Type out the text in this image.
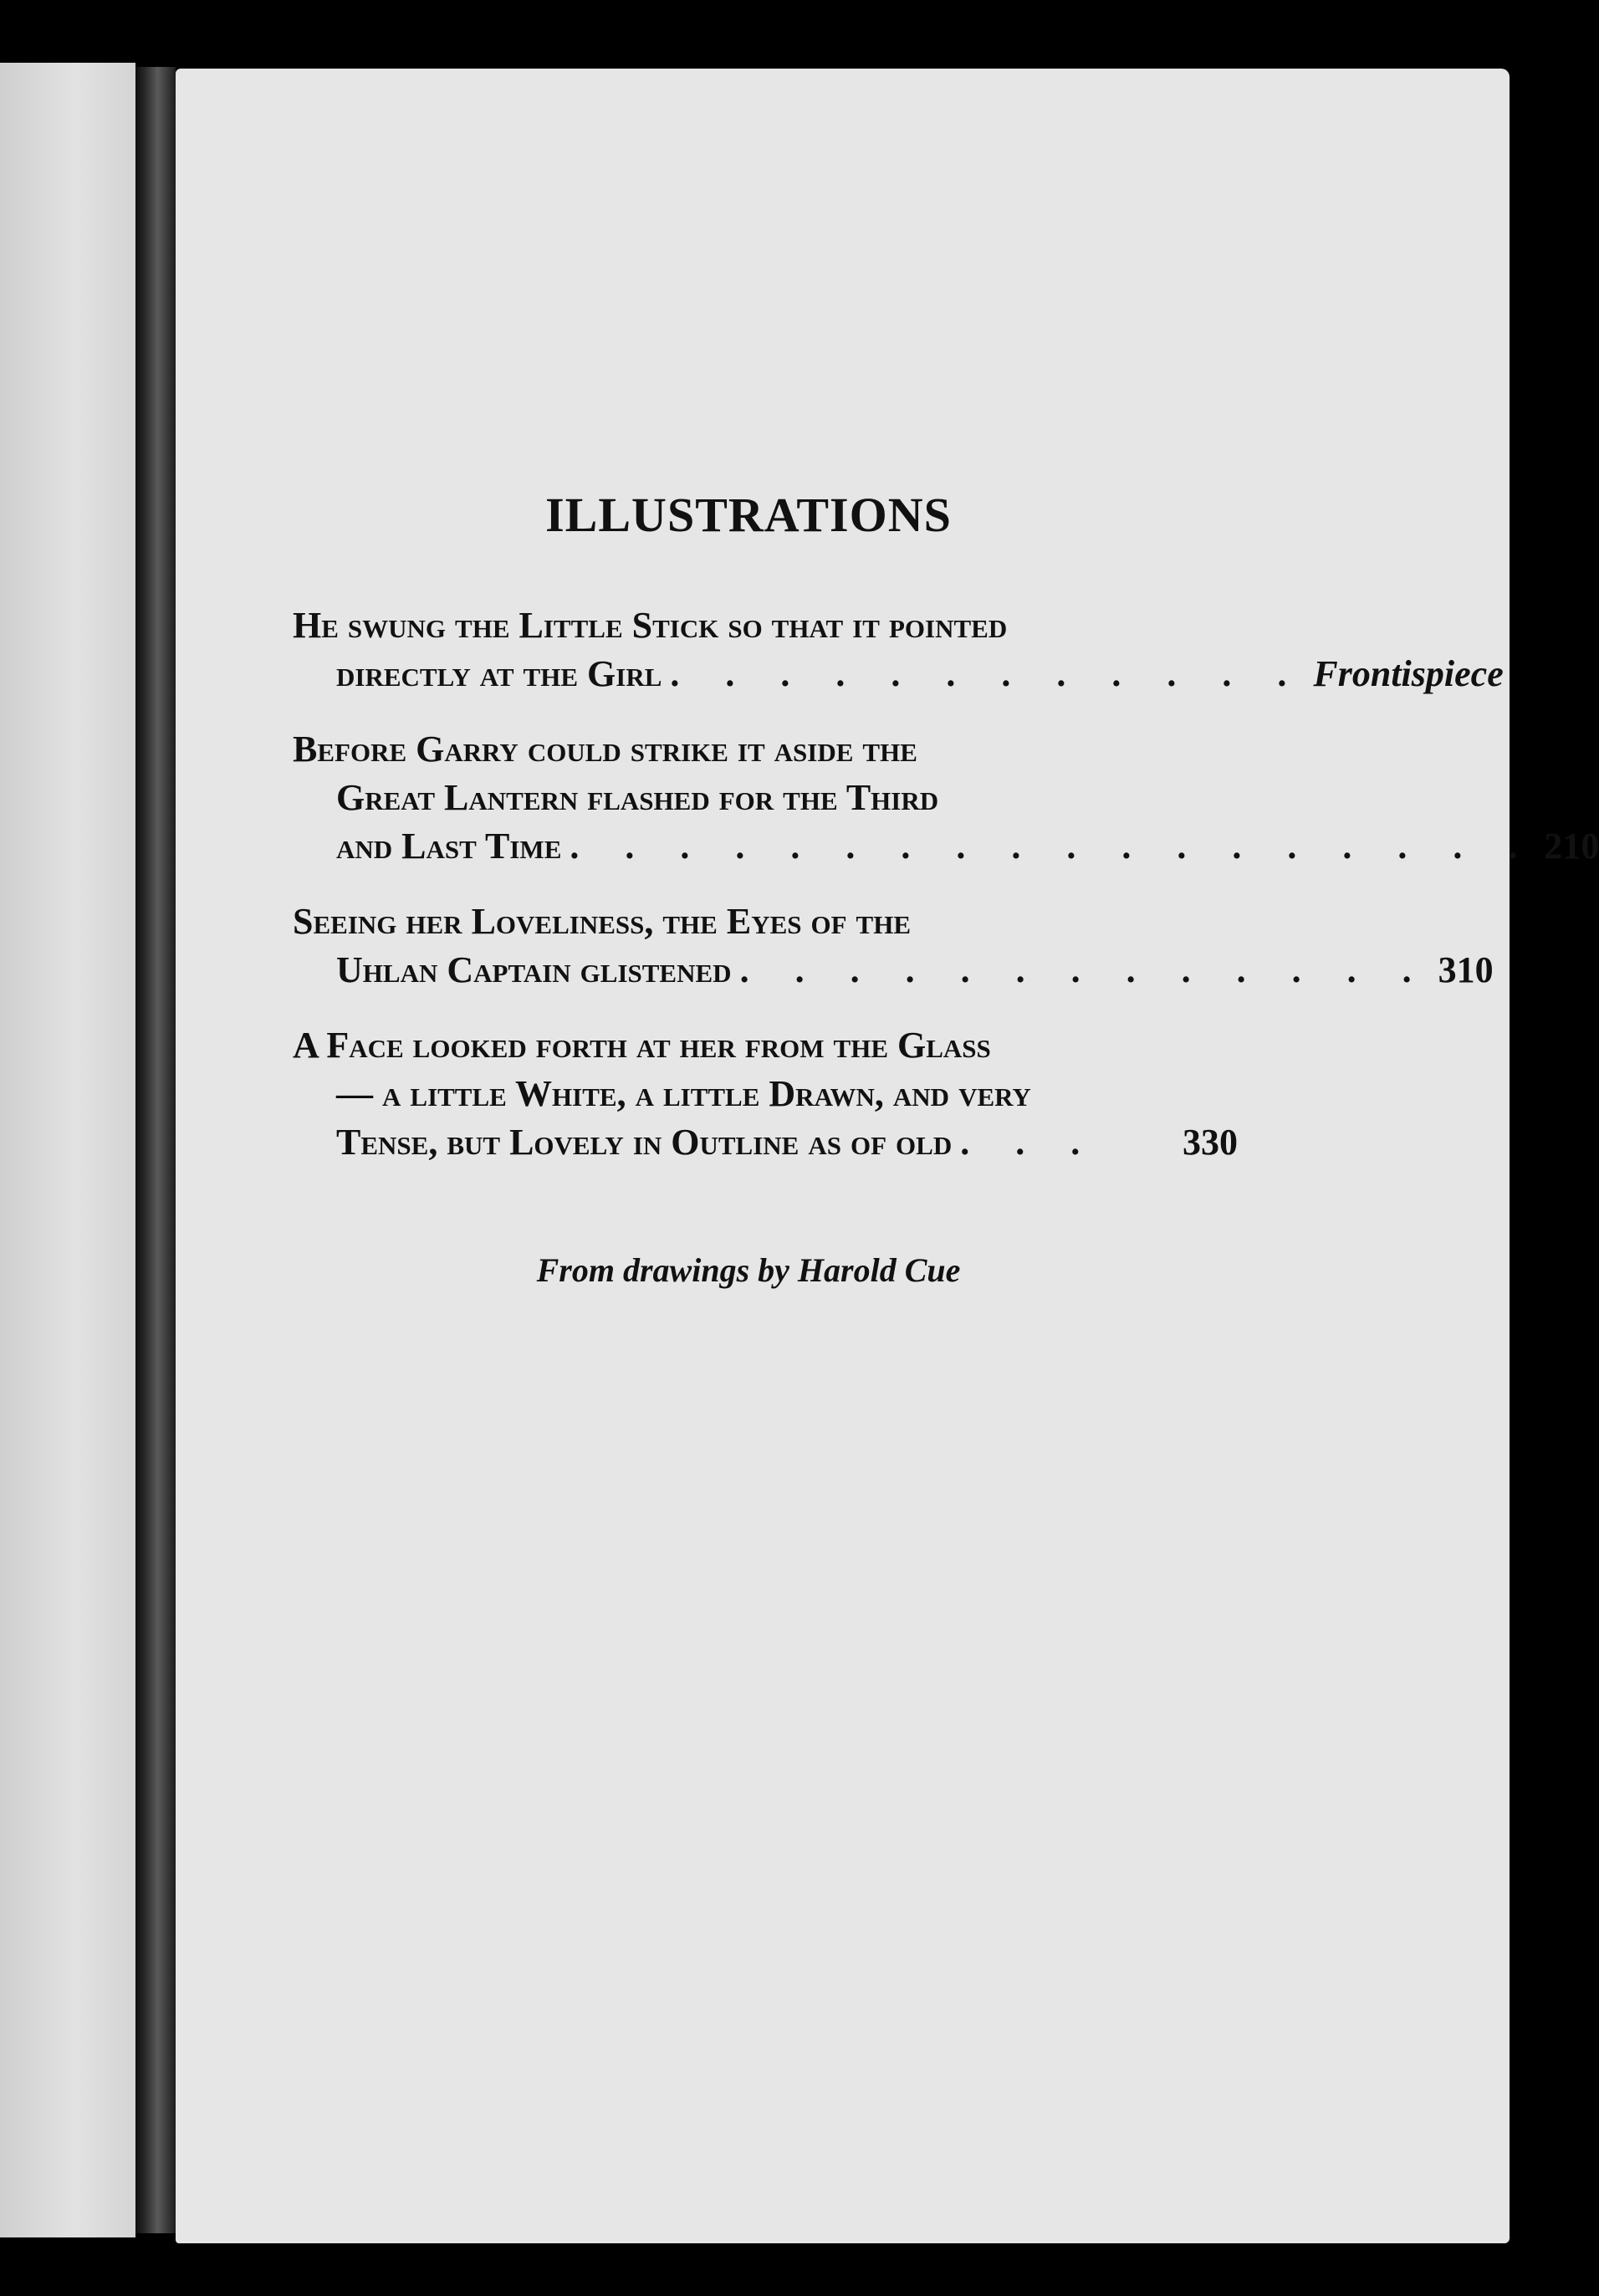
ILLUSTRATIONS
He swung the Little Stick so that it pointed
directly at the Girl . . . . . . . . . . . . Frontispiece
Before Garry could strike it aside the
Great Lantern flashed for the Third
and Last Time . . . . . . . . . . . . . . . . . . 210
Seeing her Loveliness, the Eyes of the
Uhlan Captain glistened . . . . . . . . . . . . . 310
A Face looked forth at her from the Glass
— a little White, a little Drawn, and very
Tense, but Lovely in Outline as of old . . .	330
From drawings by Harold Cue
